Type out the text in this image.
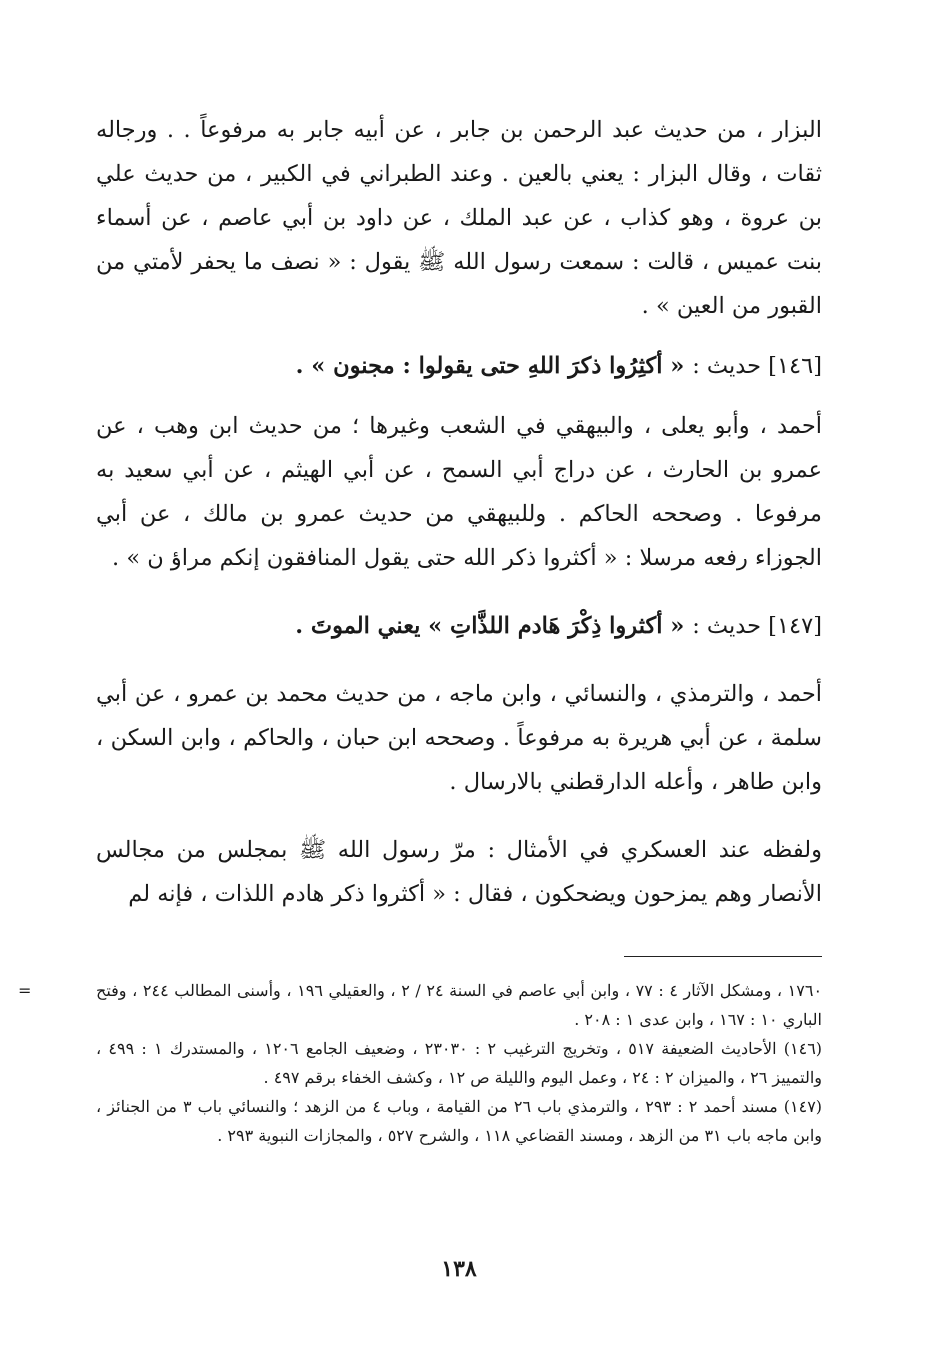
البزار ، من حديث عبد الرحمن بن جابر ، عن أبيه جابر به مرفوعاً . . ورجاله ثقات ، وقال البزار : يعني بالعين . وعند الطبراني في الكبير ، من حديث علي بن عروة ، وهو كذاب ، عن عبد الملك ، عن داود بن أبي عاصم ، عن أسماء بنت عميس ، قالت : سمعت رسول الله ﷺ يقول : « نصف ما يحفر لأمتي من القبور من العين » .

[١٤٦] حديث : « أكثِرُوا ذكرَ اللهِ حتى يقولوا : مجنون » .

أحمد ، وأبو يعلى ، والبيهقي في الشعب وغيرها ؛ من حديث ابن وهب ، عن عمرو بن الحارث ، عن دراج أبي السمح ، عن أبي الهيثم ، عن أبي سعيد به مرفوعا . وصححه الحاكم . وللبيهقي من حديث عمرو بن مالك ، عن أبي الجوزاء رفعه مرسلا : « أكثروا ذكر الله حتى يقول المنافقون إنكم مراؤ ن » .

[١٤٧] حديث : « أكثروا ذِكْرَ هَادم اللذَّاتِ » يعني الموتَ .

أحمد ، والترمذي ، والنسائي ، وابن ماجه ، من حديث محمد بن عمرو ، عن أبي سلمة ، عن أبي هريرة به مرفوعاً . وصححه ابن حبان ، والحاكم ، وابن السكن ، وابن طاهر ، وأعله الدارقطني بالارسال .

ولفظه عند العسكري في الأمثال : مرّ رسول الله ﷺ بمجلس من مجالس الأنصار وهم يمزحون ويضحكون ، فقال : « أكثروا ذكر هادم اللذات ، فإنه لم

=	١٧٦٠ ، ومشكل الآثار ٤ : ٧٧ ، وابن أبي عاصم في السنة ٢٤ / ٢ ، والعقيلي ١٩٦ ، وأسنى المطالب ٢٤٤ ، وفتح الباري ١٠ : ١٦٧ ، وابن عدى ١ : ٢٠٨ .

(١٤٦) الأحاديث الضعيفة ٥١٧ ، وتخريج الترغيب ٢ : ٢٣٠٣٠ ، وضعيف الجامع ١٢٠٦ ، والمستدرك ١ : ٤٩٩ ، والتمييز ٢٦ ، والميزان ٢ : ٢٤ ، وعمل اليوم والليلة ص ١٢ ، وكشف الخفاء برقم ٤٩٧ .

(١٤٧) مسند أحمد ٢ : ٢٩٣ ، والترمذي باب ٢٦ من القيامة ، وباب ٤ من الزهد ؛ والنسائي باب ٣ من الجنائز ، وابن ماجه باب ٣١ من الزهد ، ومسند القضاعي ١١٨ ، والشرح ٥٢٧ ، والمجازات النبوية ٢٩٣ .

١٣٨
